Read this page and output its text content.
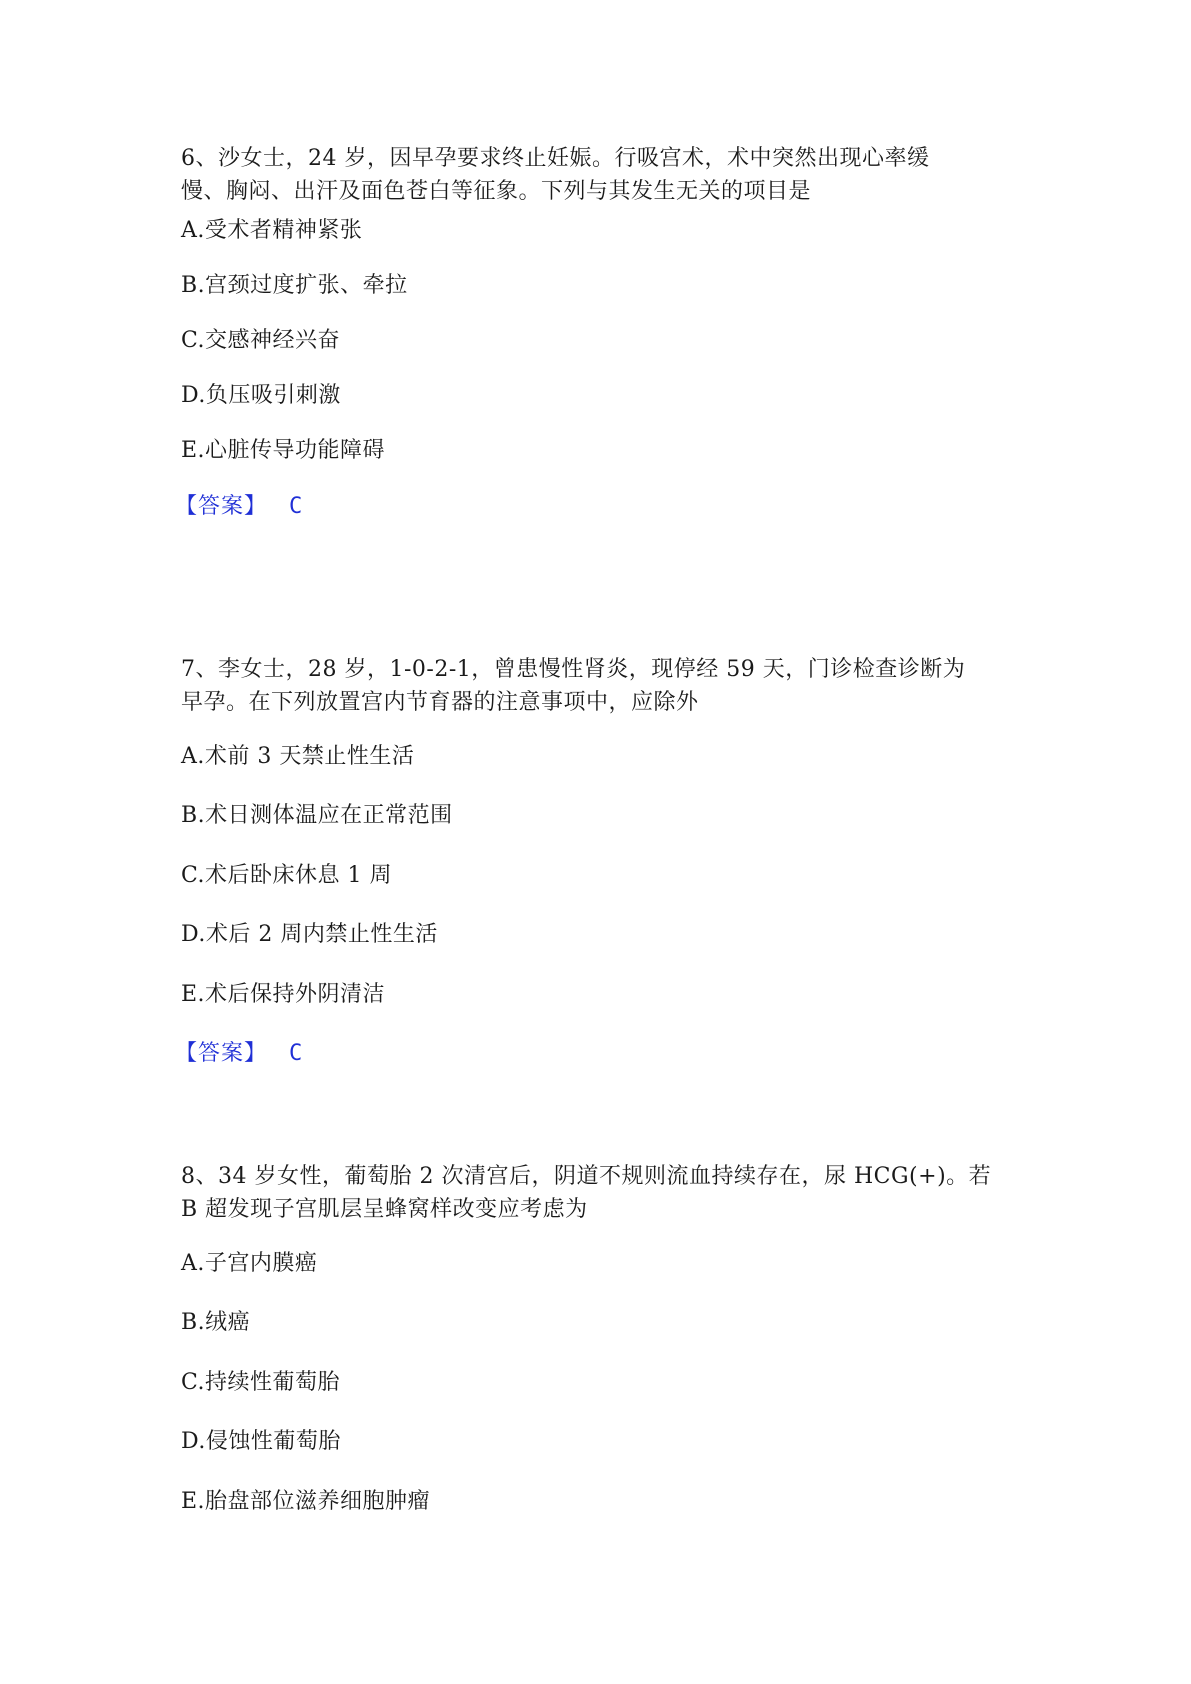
6、沙女士，24 岁，因早孕要求终止妊娠。行吸宫术，术中突然出现心率缓
慢、胸闷、出汗及面色苍白等征象。下列与其发生无关的项目是

A.受术者精神紧张
B.宫颈过度扩张、牵拉
C.交感神经兴奋
D.负压吸引刺激
E.心脏传导功能障碍
【答案】 C

7、李女士，28 岁，1-0-2-1，曾患慢性肾炎，现停经 59 天，门诊检查诊断为
早孕。在下列放置宫内节育器的注意事项中，应除外

A.术前 3 天禁止性生活
B.术日测体温应在正常范围
C.术后卧床休息 1 周
D.术后 2 周内禁止性生活
E.术后保持外阴清洁
【答案】 C

8、34 岁女性，葡萄胎 2 次清宫后，阴道不规则流血持续存在，尿 HCG(+)。若
B 超发现子宫肌层呈蜂窝样改变应考虑为

A.子宫内膜癌
B.绒癌
C.持续性葡萄胎
D.侵蚀性葡萄胎
E.胎盘部位滋养细胞肿瘤
